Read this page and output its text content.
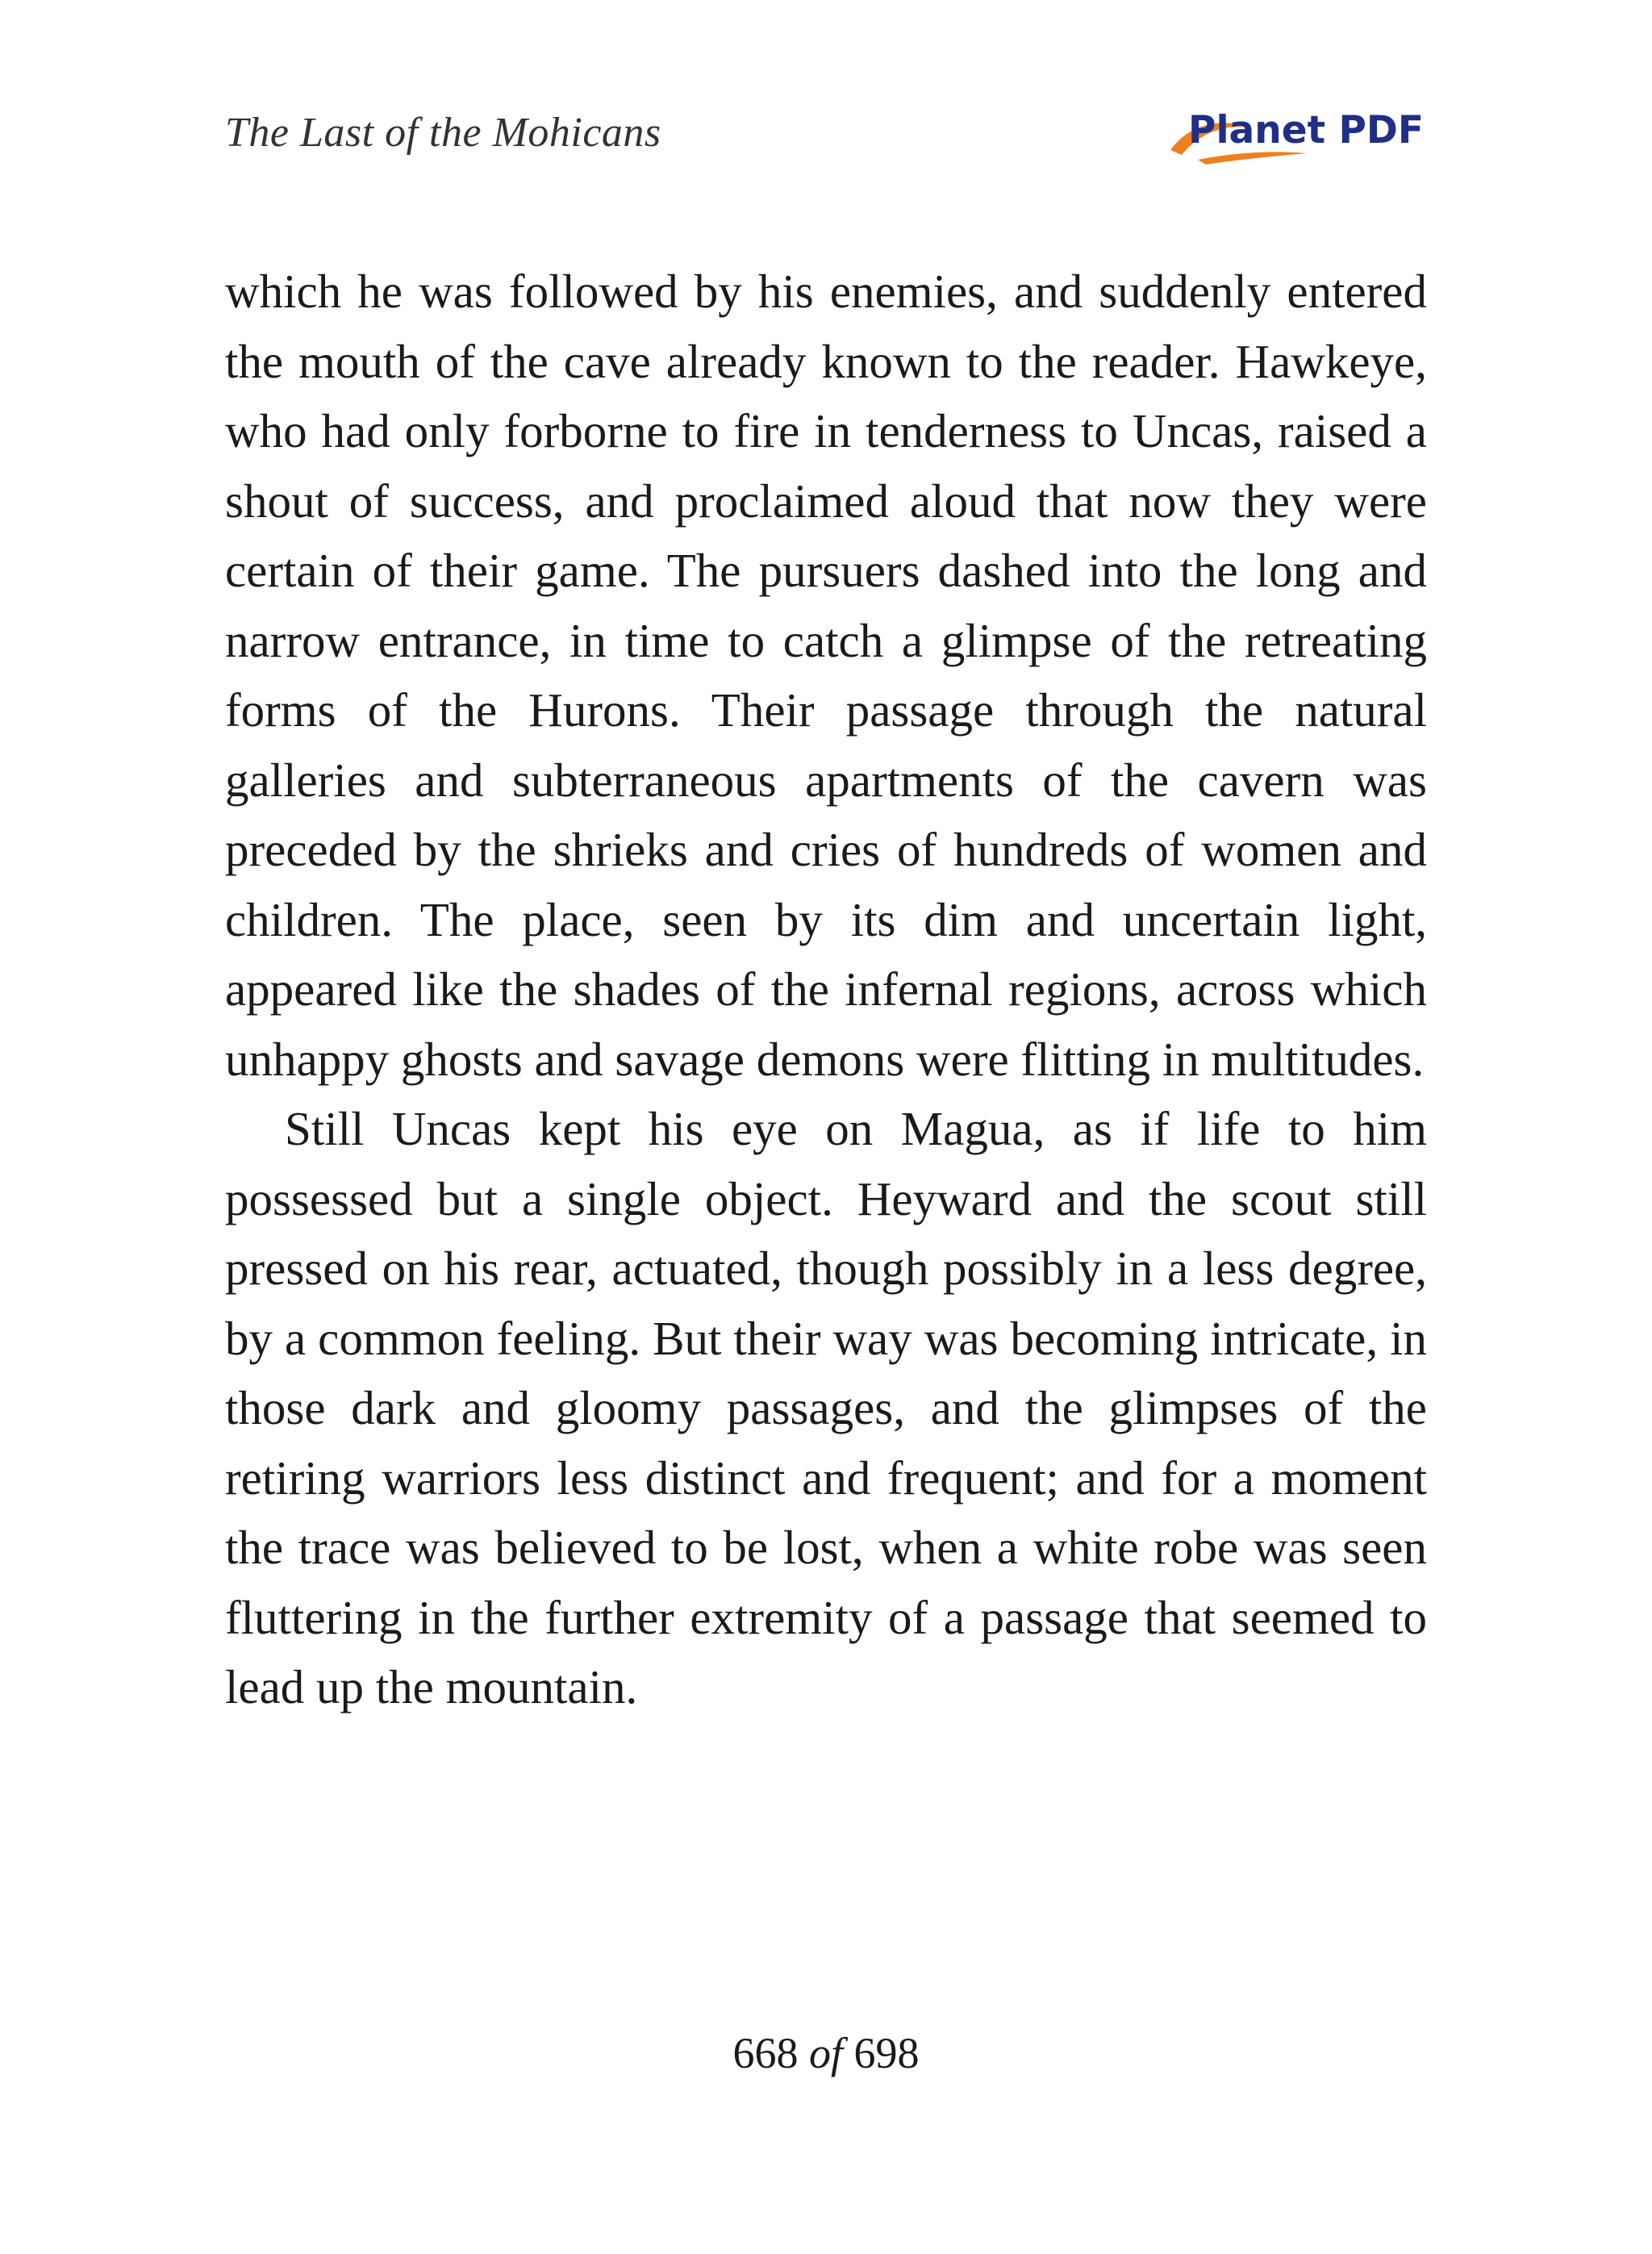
The Last of the Mohicans	Planet PDF

which he was followed by his enemies, and suddenly entered the mouth of the cave already known to the reader. Hawkeye, who had only forborne to fire in tenderness to Uncas, raised a shout of success, and proclaimed aloud that now they were certain of their game. The pursuers dashed into the long and narrow entrance, in time to catch a glimpse of the retreating forms of the Hurons. Their passage through the natural galleries and subterraneous apartments of the cavern was preceded by the shrieks and cries of hundreds of women and children. The place, seen by its dim and uncertain light, appeared like the shades of the infernal regions, across which unhappy ghosts and savage demons were flitting in multitudes.

Still Uncas kept his eye on Magua, as if life to him possessed but a single object. Heyward and the scout still pressed on his rear, actuated, though possibly in a less degree, by a common feeling. But their way was becoming intricate, in those dark and gloomy passages, and the glimpses of the retiring warriors less distinct and frequent; and for a moment the trace was believed to be lost, when a white robe was seen fluttering in the further extremity of a passage that seemed to lead up the mountain.

668 of 698
